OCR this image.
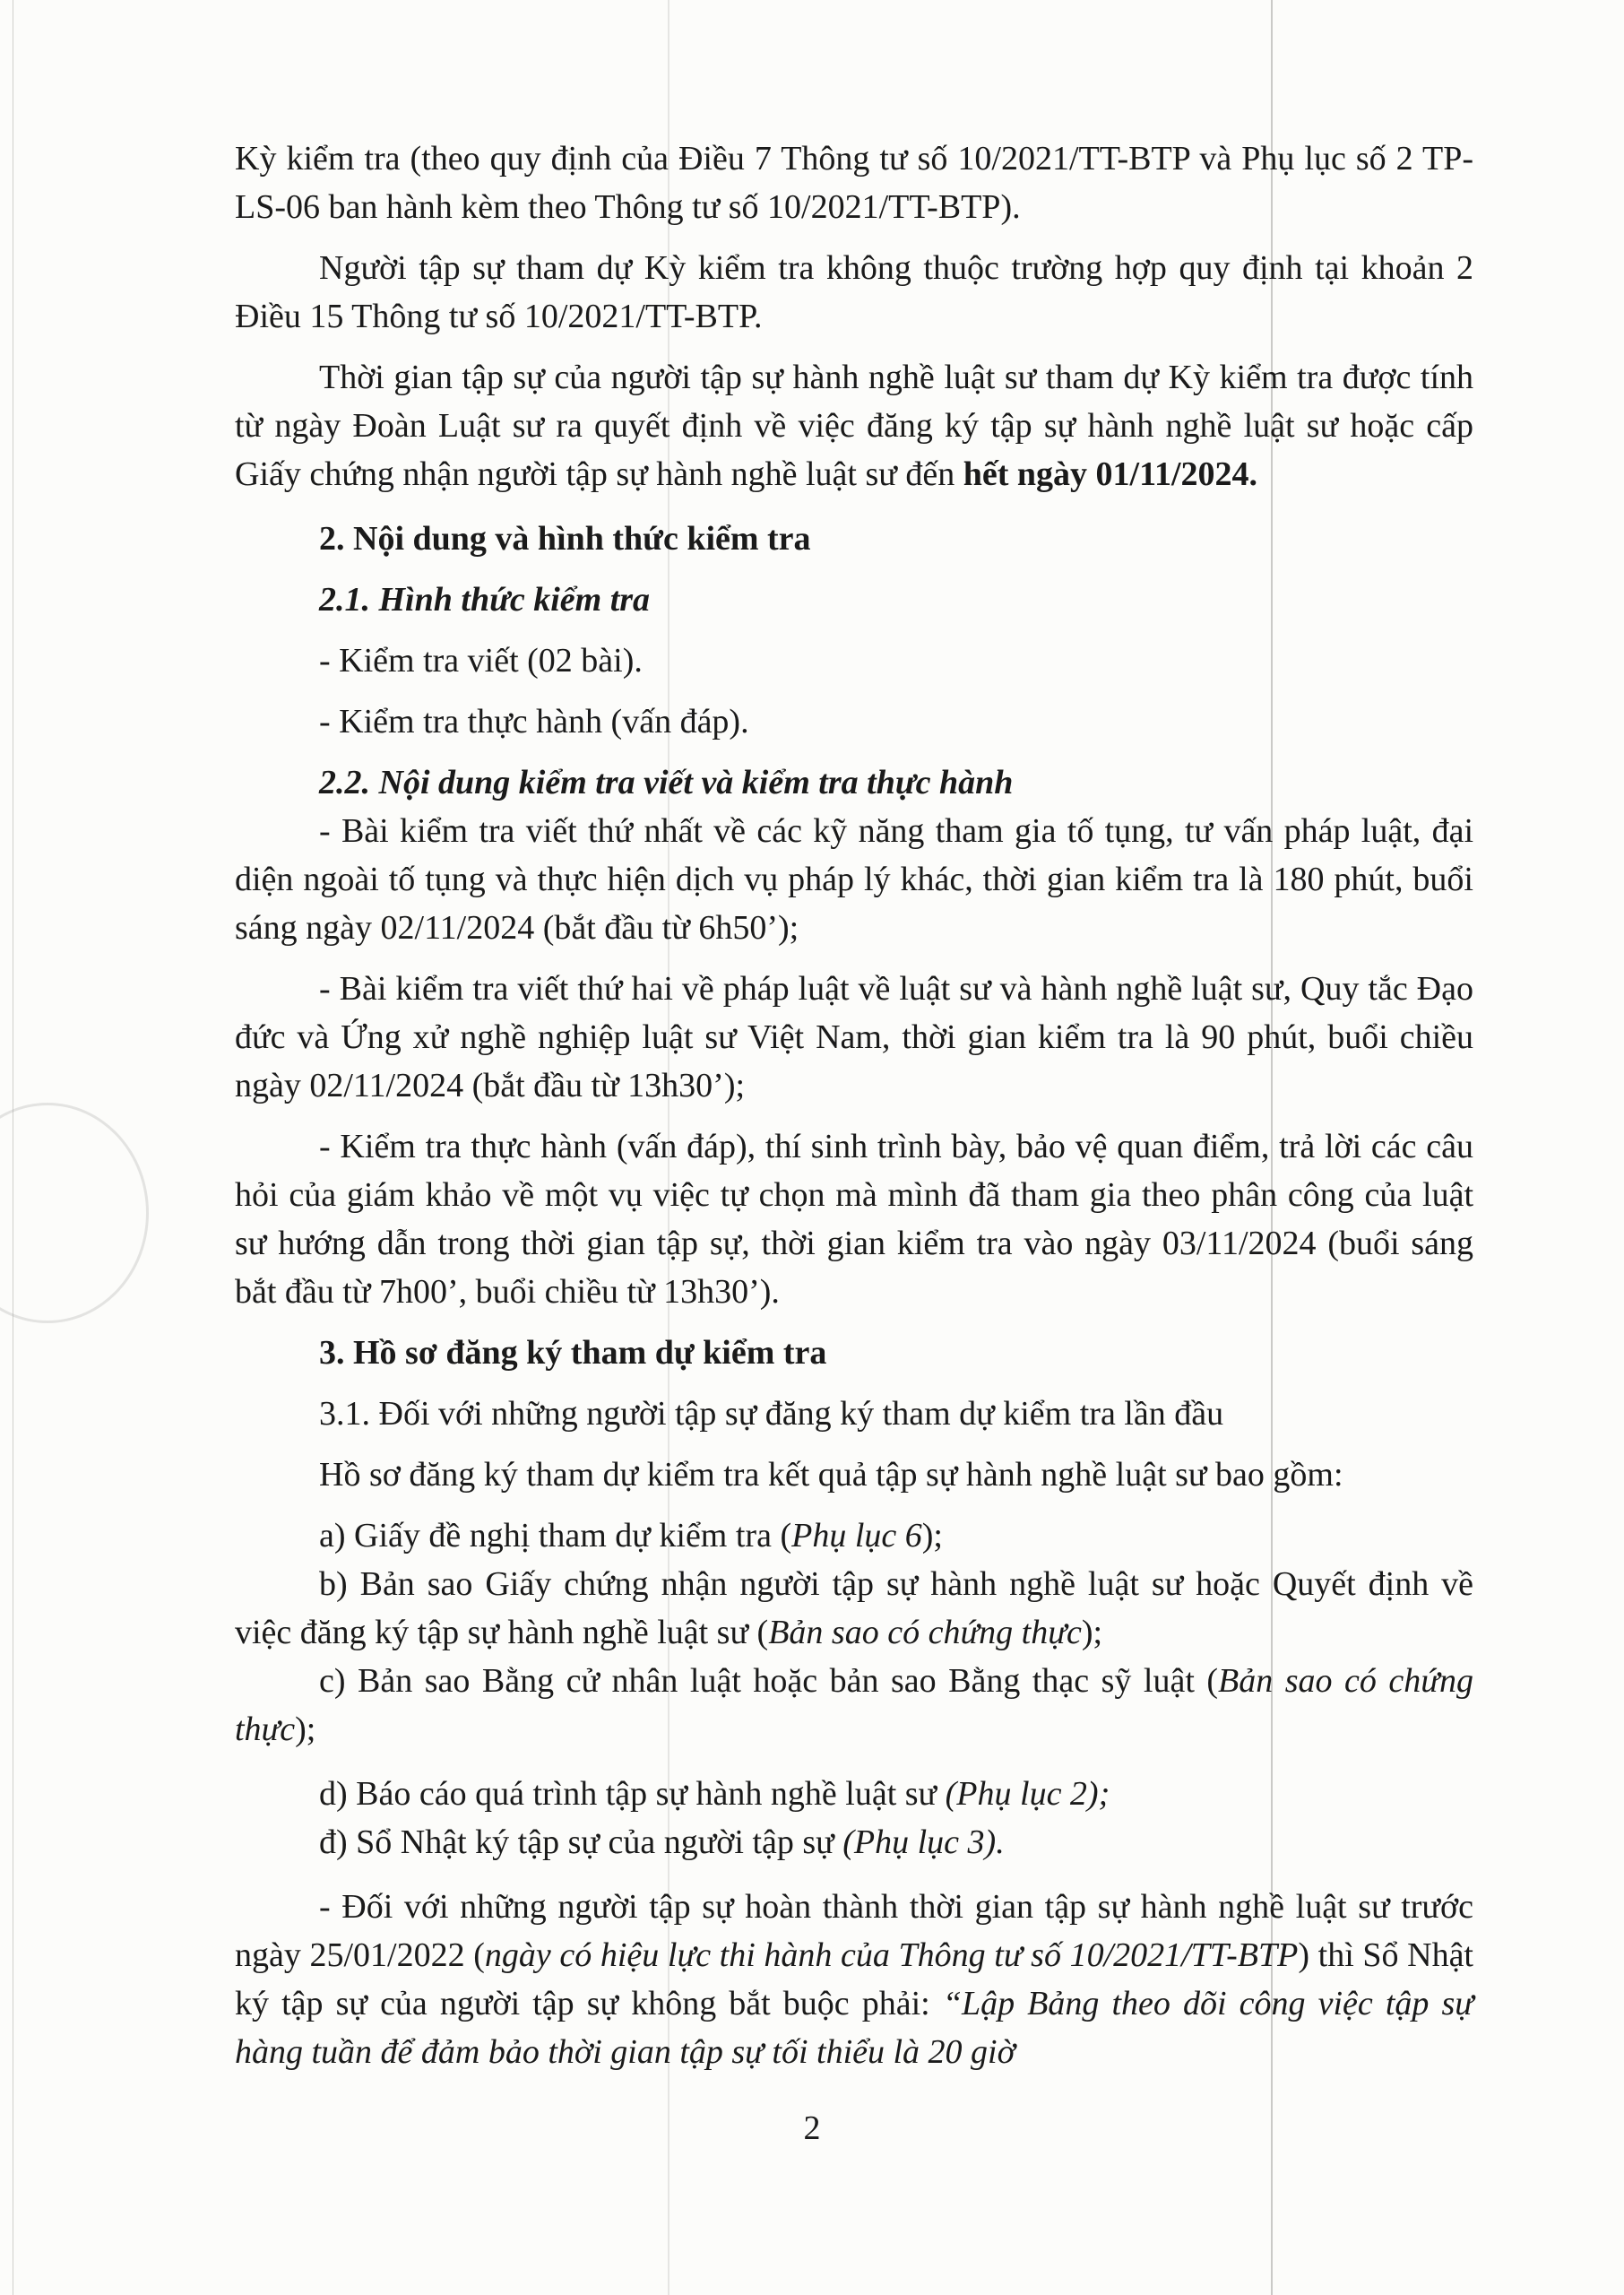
Kỳ kiểm tra (theo quy định của Điều 7 Thông tư số 10/2021/TT-BTP và Phụ lục số 2 TP-LS-06 ban hành kèm theo Thông tư số 10/2021/TT-BTP).

Người tập sự tham dự Kỳ kiểm tra không thuộc trường hợp quy định tại khoản 2 Điều 15 Thông tư số 10/2021/TT-BTP.

Thời gian tập sự của người tập sự hành nghề luật sư tham dự Kỳ kiểm tra được tính từ ngày Đoàn Luật sư ra quyết định về việc đăng ký tập sự hành nghề luật sư hoặc cấp Giấy chứng nhận người tập sự hành nghề luật sư đến hết ngày 01/11/2024.

2. Nội dung và hình thức kiểm tra

2.1. Hình thức kiểm tra

- Kiểm tra viết (02 bài).

- Kiểm tra thực hành (vấn đáp).

2.2. Nội dung kiểm tra viết và kiểm tra thực hành

- Bài kiểm tra viết thứ nhất về các kỹ năng tham gia tố tụng, tư vấn pháp luật, đại diện ngoài tố tụng và thực hiện dịch vụ pháp lý khác, thời gian kiểm tra là 180 phút, buổi sáng ngày 02/11/2024 (bắt đầu từ 6h50’);

- Bài kiểm tra viết thứ hai về pháp luật về luật sư và hành nghề luật sư, Quy tắc Đạo đức và Ứng xử nghề nghiệp luật sư Việt Nam, thời gian kiểm tra là 90 phút, buổi chiều ngày 02/11/2024 (bắt đầu từ 13h30’);

- Kiểm tra thực hành (vấn đáp), thí sinh trình bày, bảo vệ quan điểm, trả lời các câu hỏi của giám khảo về một vụ việc tự chọn mà mình đã tham gia theo phân công của luật sư hướng dẫn trong thời gian tập sự, thời gian kiểm tra vào ngày 03/11/2024 (buổi sáng bắt đầu từ 7h00’, buổi chiều từ 13h30’).

3. Hồ sơ đăng ký tham dự kiểm tra

3.1. Đối với những người tập sự đăng ký tham dự kiểm tra lần đầu

Hồ sơ đăng ký tham dự kiểm tra kết quả tập sự hành nghề luật sư bao gồm:

a) Giấy đề nghị tham dự kiểm tra (Phụ lục 6);

b) Bản sao Giấy chứng nhận người tập sự hành nghề luật sư hoặc Quyết định về việc đăng ký tập sự hành nghề luật sư (Bản sao có chứng thực);

c) Bản sao Bằng cử nhân luật hoặc bản sao Bằng thạc sỹ luật (Bản sao có chứng thực);

d) Báo cáo quá trình tập sự hành nghề luật sư (Phụ lục 2);

đ) Sổ Nhật ký tập sự của người tập sự (Phụ lục 3).

- Đối với những người tập sự hoàn thành thời gian tập sự hành nghề luật sư trước ngày 25/01/2022 (ngày có hiệu lực thi hành của Thông tư số 10/2021/TT-BTP) thì Sổ Nhật ký tập sự của người tập sự không bắt buộc phải: “Lập Bảng theo dõi công việc tập sự hàng tuần để đảm bảo thời gian tập sự tối thiểu là 20 giờ

2
